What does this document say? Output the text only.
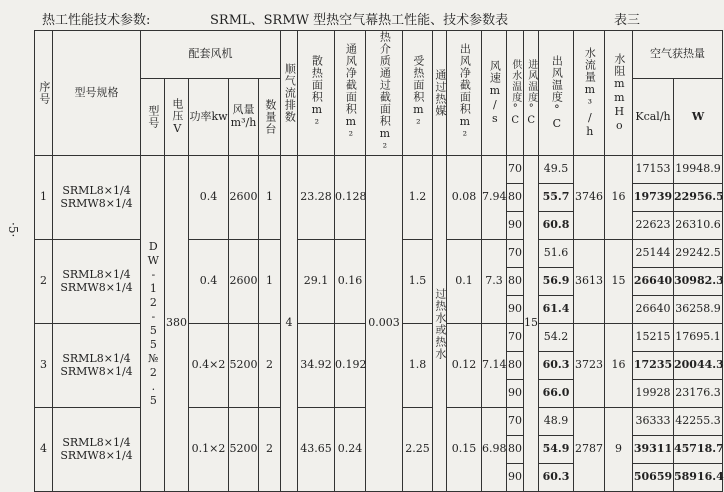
热工性能技术参数:	SRML、SRMW 型热空气幕热工性能、技术参数表	表三
·5·
序号	型号规格	配套风机					顺气流排数	散热面积m²	通风净截面积m²	热介质通过截面积m²	受热面积m²	通过热媒	出风净截面积m²	风速m/s	供水温度°C	进风温度°C	出风温度°C	水流量m³/h	水阻mmHo	空气获热量	

		型号	电压V	功率kw	风量m³/h	数量台														Kcal/h	W
1	SRML8×1/4
SRMW8×1/4	DW-12-55№2.5	380	0.4	2600	1	4	23.28	0.128	0.003	1.2	过热水或热水	0.08	7.94	70	15	49.5	3746	16	17153	19948.9
															80		55.7			19739	22956.5
															90		60.8			22623	26310.6
2	SRML8×1/4
SRMW8×1/4			0.4	2600	1		29.1	0.16		1.5		0.1	7.3	70		51.6	3613	15	25144	29242.5
															80		56.9			26640	30982.3
															90		61.4			26640	36258.9
3	SRML8×1/4
SRMW8×1/4			0.4×2	5200	2		34.92	0.192		1.8		0.12	7.14	70		54.2	3723	16	15215	17695.1
															80		60.3			17235	20044.3
															90		66.0			19928	23176.3
4	SRML8×1/4
SRMW8×1/4			0.1×2	5200	2		43.65	0.24		2.25		0.15	6.98	70		48.9	2787	9	36333	42255.3
															80		54.9			39311	45718.7
															90		60.3			50659	58916.4
